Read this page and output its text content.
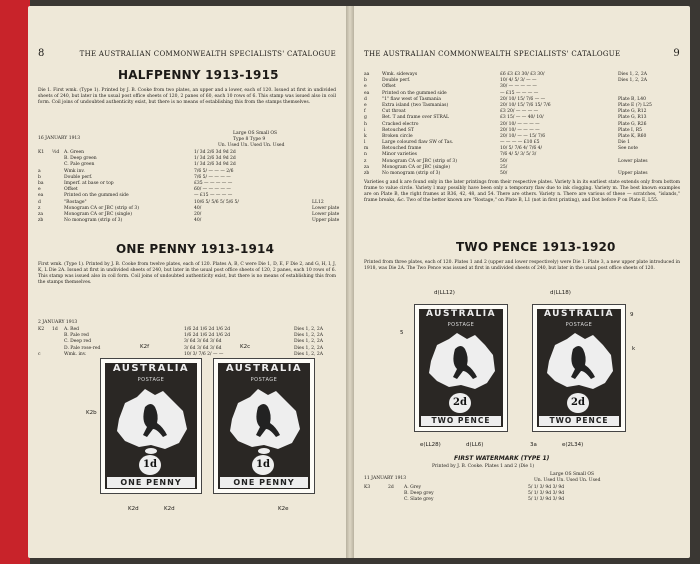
8	THE AUSTRALIAN COMMONWEALTH SPECIALISTS' CATALOGUE
HALFPENNY 1913-1915
Die 1. First wmk. (Type 1). Printed by J. B. Cooke from two plates, an upper and a lower, each of 120. Issued at first in undivided sheets of 240, but later in the usual post office sheets of 120, 2 panes of 60, each 10 rows of 6. This stamp was issued also in coil form. Coil joins of undoubted authenticity exist, but there is no means of establishing this from the stamps themselves.
16 JANUARY 1913
Large OS Small OS
Type 8 Type 9
Un. Used Un. Used Un. Used
K1	½d	A. Green	1/ 3d 2/6 3d 9d 2d
B. Deep green	1/ 3d 2/6 3d 9d 2d
C. Pale green	1/ 3d 2/6 3d 9d 2d
a	Wmk inv.	7/6 5/ — — — 2/6
b	Double perf.	7/6 5/ — — — —
ba	Imperf. at base or top	£35 — — — — —
e	Offset	60/ — — — — —
ea	Printed on the gummed side	— £15 — — — —
d	"Rostage"	10/6 5/ 5/6 5/ 5/6 5/	LL12
z	Monogram CA or JBC (strip of 3)	40/	Lower plate
za	Monogram CA or JBC (single)	20/	Lower plate
zb	No monogram (strip of 3)	40/	Upper plate
ONE PENNY 1913-1914
First wmk. (Type 1). Printed by J. B. Cooke from twelve plates, each of 120. Plates A, B, C were Die 1, D, E, F Die 2, and G, H, I, J, K, L Die 2A. Issued at first in undivided sheets of 240, but later in the usual post office sheets of 120, 2 panes, each 10 rows of 6. This stamp was issued also in coil form. Coil joins of undoubted authenticity exist, but there is no means of establishing this from the stamps themselves.
2 JANUARY 1913
K2	1d	A. Red	1/6 2d 1/6 2d 1/6 2d	Dies 1, 2, 2A
B. Pale red	1/6 2d 1/6 2d 1/6 2d	Dies 1, 2, 2A
C. Deep red	3/ 6d 3/ 6d 3/ 6d	Dies 1, 2, 2A
D. Pale rose-red	3/ 6d 3/ 6d 3/ 6d	Dies 1, 2, 2A
c	Wmk. inv.	10/ 3/ 7/6 2/ — —	Dies 1, 2, 2A
AUSTRALIA
POSTAGE
1d
ONE PENNY
AUSTRALIA
POSTAGE
1d
ONE PENNY
K2f	K2c
K2b
K2d	K2d	K2e
THE AUSTRALIAN COMMONWEALTH SPECIALISTS' CATALOGUE	9
aa	Wmk. sideways	£6 £3 £3 30/ £3 30/	Dies 1, 2, 2A
b	Double perf.	10/ 4/ 5/ 3/ — —	Dies 1, 2, 2A
e	Offset	30/ — — — — —
ea	Printed on the gummed side	— £15 — — — —
d	"1" flaw west of Tasmania	20/ 10/ 15/ 7/6 — —	Plate B, L40
e	Extra island (two Tasmanias)	20/ 10/ 15/ 7/6 15/ 7/6	Plate E (?) L25
f	Cut throat	£3 20/ — — — —	Plate G, R12
g	Bet. T and frame over STRAL	£3 15/ — — 40/ 10/	Plate G, R13
h	Cracked electro	20/ 10/ — — — —	Plate G, R26
i	Retouched ST	20/ 10/ — — — —	Plate I, R5
k	Broken circle	20/ 10/ — — 15/ 7/6	Plate K, R60
l	Large coloured flaw SW of Tas.	— — — — £10 £5	Die 1
m	Retouched frame	10/ 5/ 7/6 4/ 7/6 4/	See note
n	Minor varieties	7/6 4/ 5/ 3/ 5/ 3/
z	Monogram CA or JBC (strip of 3)	50/	Lower plates
za	Monogram CA or JBC (single)	25/
zb	No monogram (strip of 3)	50/	Upper plates
Varieties g and k are found only in the later printings from their respective plates. Variety h in its earliest state extends only from bottom frame to value circle. Variety l may possibly have been only a temporary flaw due to ink clogging. Variety m. The best known examples are on Plate B, the right frames at R36, 42, 48, and 54. There are others. Variety n. There are various of these — scratches, "islands," frame breaks, &c. Two of the better known are "Rostage," on Plate B, L1 (not in first printing), and Dot before P on Plate E, L55.
TWO PENCE 1913-1920
Printed from three plates, each of 120. Plates 1 and 2 (upper and lower respectively) were Die 1. Plate 3, a new upper plate introduced in 1918, was Die 2A. The Two Pence was issued at first in undivided sheets of 240, but later in the usual post office sheets of 120.
AUSTRALIA
POSTAGE
2d
TWO PENCE
AUSTRALIA
POSTAGE
2d
TWO PENCE
d(LL12)	d(LL18)
5
9
k
e(LL28)	d(LL6)	3a	e(2L34)
FIRST WATERMARK (TYPE 1)
Printed by J. B. Cooke. Plates 1 and 2 (Die 1)
11 JANUARY 1913
Large OS Small OS
Un. Used Un. Used Un. Used
K3	2d	A. Grey	5/ 1/ 3/ 9d 3/ 9d
B. Deep grey	5/ 1/ 3/ 9d 3/ 9d
C. Slate grey	5/ 1/ 3/ 9d 3/ 9d
